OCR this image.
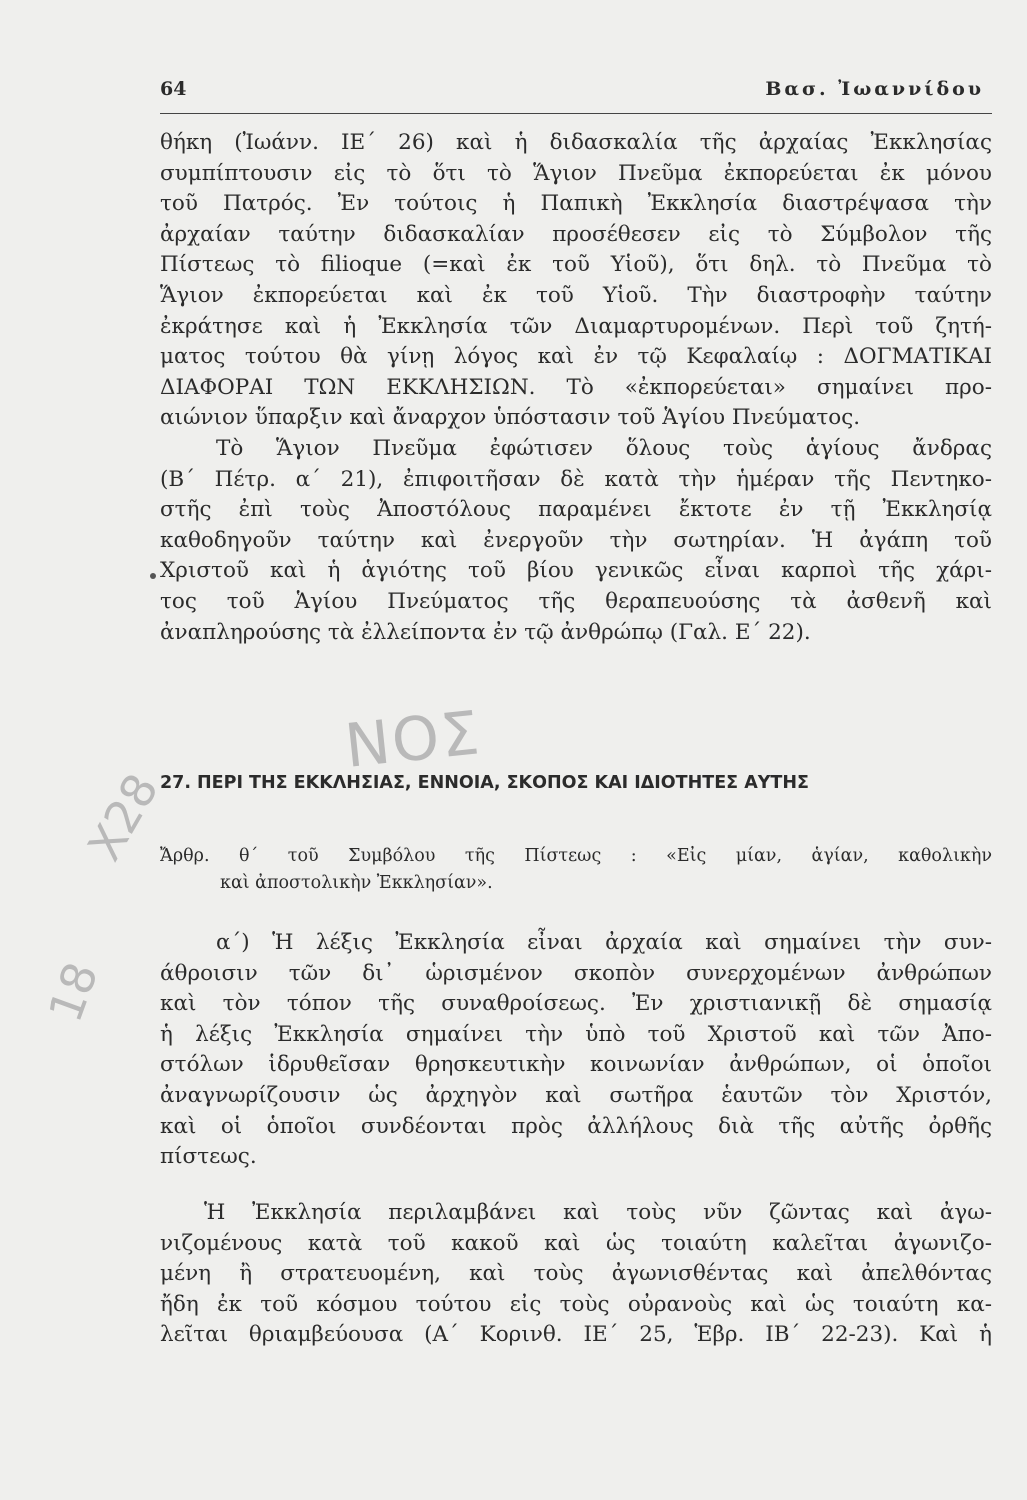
64	Βασ. Ἰωαννίδου
θήκη (Ἰωάνν. ΙΕ΄ 26) καὶ ἡ διδασκαλία τῆς ἀρχαίας Ἐκκλησίας
συμπίπτουσιν εἰς τὸ ὅτι τὸ Ἅγιον Πνεῦμα ἐκπορεύεται ἐκ μόνου
τοῦ Πατρός. Ἐν τούτοις ἡ Παπικὴ Ἐκκλησία διαστρέψασα τὴν
ἀρχαίαν ταύτην διδασκαλίαν προσέθεσεν εἰς τὸ Σύμβολον τῆς
Πίστεως τὸ filioque (=καὶ ἐκ τοῦ Υἱοῦ), ὅτι δηλ. τὸ Πνεῦμα τὸ
Ἅγιον ἐκπορεύεται καὶ ἐκ τοῦ Υἱοῦ. Τὴν διαστροφὴν ταύτην
ἐκράτησε καὶ ἡ Ἐκκλησία τῶν Διαμαρτυρομένων. Περὶ τοῦ ζητή-
ματος τούτου θὰ γίνῃ λόγος καὶ ἐν τῷ Κεφαλαίῳ : ΔΟΓΜΑΤΙΚΑΙ
ΔΙΑΦΟΡΑΙ ΤΩΝ ΕΚΚΛΗΣΙΩΝ. Τὸ «ἐκπορεύεται» σημαίνει προ-
αιώνιον ὕπαρξιν καὶ ἄναρχον ὑπόστασιν τοῦ Ἁγίου Πνεύματος.
Τὸ Ἅγιον Πνεῦμα ἐφώτισεν ὅλους τοὺς ἁγίους ἄνδρας
(Β΄ Πέτρ. α΄ 21), ἐπιφοιτῆσαν δὲ κατὰ τὴν ἡμέραν τῆς Πεντηκο-
στῆς ἐπὶ τοὺς Ἀποστόλους παραμένει ἔκτοτε ἐν τῇ Ἐκκλησίᾳ
καθοδηγοῦν ταύτην καὶ ἐνεργοῦν τὴν σωτηρίαν. Ἡ ἀγάπη τοῦ
Χριστοῦ καὶ ἡ ἁγιότης τοῦ βίου γενικῶς εἶναι καρποὶ τῆς χάρι-
τος τοῦ Ἁγίου Πνεύματος τῆς θεραπευούσης τὰ ἀσθενῆ καὶ
ἀναπληρούσης τὰ ἐλλείποντα ἐν τῷ ἀνθρώπῳ (Γαλ. Ε΄ 22).
ΝΟΣ
Χ28
18
27. ΠΕΡΙ ΤΗΣ ΕΚΚΛΗΣΙΑΣ, ΕΝΝΟΙΑ, ΣΚΟΠΟΣ ΚΑΙ ΙΔΙΟΤΗΤΕΣ ΑΥΤΗΣ
Ἄρθρ. θ΄ τοῦ Συμβόλου τῆς Πίστεως : «Εἰς μίαν, ἁγίαν, καθολικὴν
καὶ ἀποστολικὴν Ἐκκλησίαν».
α΄) Ἡ λέξις Ἐκκλησία εἶναι ἀρχαία καὶ σημαίνει τὴν συν-
άθροισιν τῶν δι᾽ ὡρισμένον σκοπὸν συνερχομένων ἀνθρώπων
καὶ τὸν τόπον τῆς συναθροίσεως. Ἐν χριστιανικῇ δὲ σημασίᾳ
ἡ λέξις Ἐκκλησία σημαίνει τὴν ὑπὸ τοῦ Χριστοῦ καὶ τῶν Ἀπο-
στόλων ἱδρυθεῖσαν θρησκευτικὴν κοινωνίαν ἀνθρώπων, οἱ ὁποῖοι
ἀναγνωρίζουσιν ὡς ἀρχηγὸν καὶ σωτῆρα ἑαυτῶν τὸν Χριστόν,
καὶ οἱ ὁποῖοι συνδέονται πρὸς ἀλλήλους διὰ τῆς αὐτῆς ὀρθῆς
πίστεως.
Ἡ Ἐκκλησία περιλαμβάνει καὶ τοὺς νῦν ζῶντας καὶ ἀγω-
νιζομένους κατὰ τοῦ κακοῦ καὶ ὡς τοιαύτη καλεῖται ἀγωνιζο-
μένη ἢ στρατευομένη, καὶ τοὺς ἀγωνισθέντας καὶ ἀπελθόντας
ἤδη ἐκ τοῦ κόσμου τούτου εἰς τοὺς οὐρανοὺς καὶ ὡς τοιαύτη κα-
λεῖται θριαμβεύουσα (Α΄ Κορινθ. ΙΕ΄ 25, Ἑβρ. ΙΒ΄ 22-23). Καὶ ἡ
